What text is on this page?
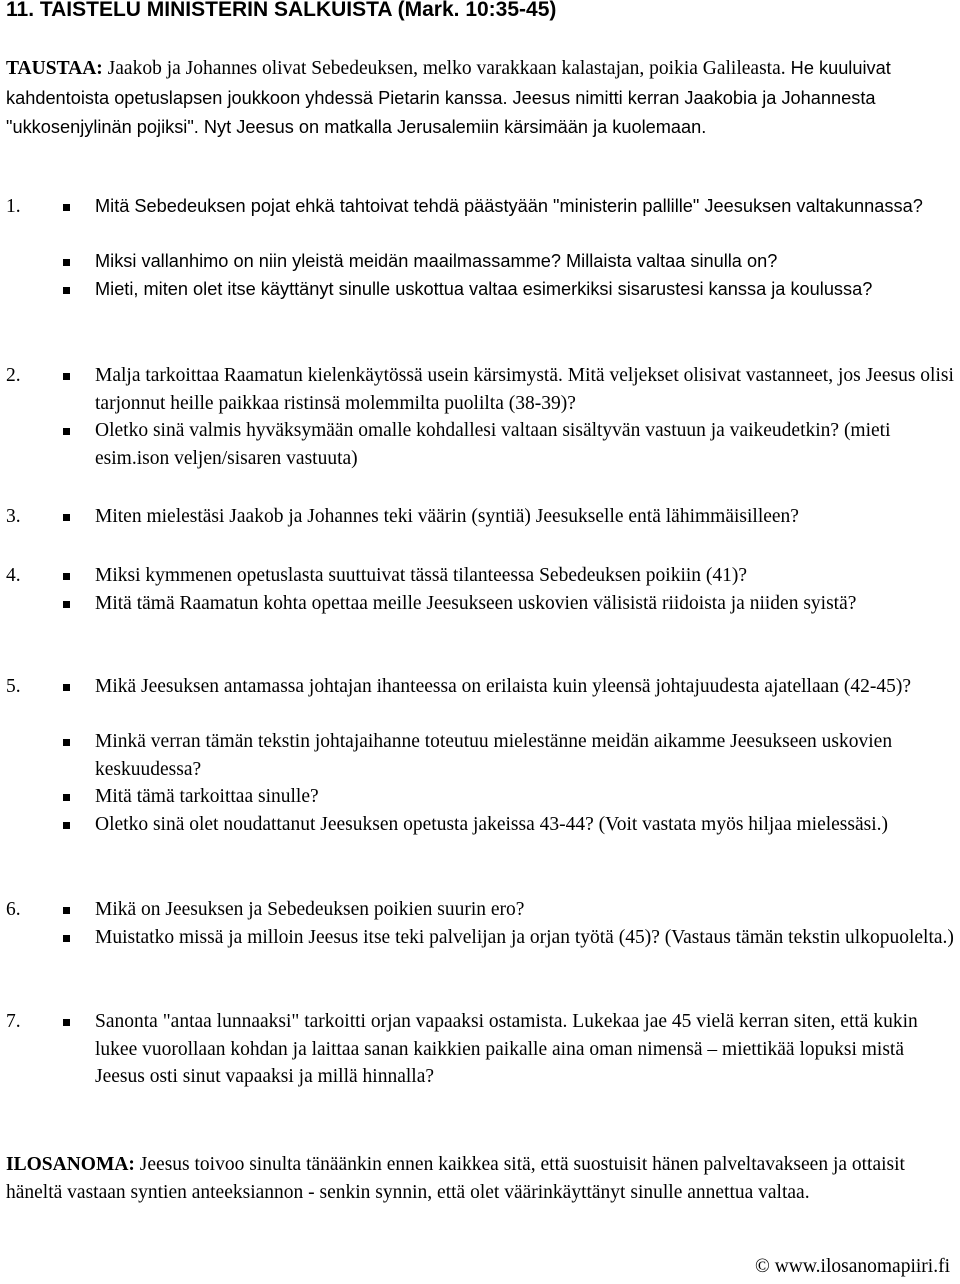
11. TAISTELU MINISTERIN SALKUISTA (Mark. 10:35-45)

TAUSTAA: Jaakob ja Johannes olivat Sebedeuksen, melko varakkaan kalastajan, poikia Galileasta. He kuuluivat kahdentoista opetuslapsen joukkoon yhdessä Pietarin kanssa. Jeesus nimitti kerran Jaakobia ja Johannesta "ukkosenjylinän pojiksi". Nyt Jeesus on matkalla Jerusalemiin kärsimään ja kuolemaan.

1.	Mitä Sebedeuksen pojat ehkä tahtoivat tehdä päästyään "ministerin pallille" Jeesuksen valtakunnassa?
Miksi vallanhimo on niin yleistä meidän maailmassamme? Millaista valtaa sinulla on?
Mieti, miten olet itse käyttänyt sinulle uskottua valtaa esimerkiksi sisarustesi kanssa ja koulussa?
2.	Malja tarkoittaa Raamatun kielenkäytössä usein kärsimystä. Mitä veljekset olisivat vastanneet, jos Jeesus olisi tarjonnut heille paikkaa ristinsä molemmilta puolilta (38-39)?
Oletko sinä valmis hyväksymään omalle kohdallesi valtaan sisältyvän vastuun ja vaikeudetkin? (mieti esim.ison veljen/sisaren vastuuta)
3.	Miten mielestäsi Jaakob ja Johannes teki väärin (syntiä) Jeesukselle entä lähimmäisilleen?
4.	Miksi kymmenen opetuslasta suuttuivat tässä tilanteessa Sebedeuksen poikiin (41)?
Mitä tämä Raamatun kohta opettaa meille Jeesukseen uskovien välisistä riidoista ja niiden syistä?
5.	Mikä Jeesuksen antamassa johtajan ihanteessa on erilaista kuin yleensä johtajuudesta ajatellaan (42-45)?
Minkä verran tämän tekstin johtajaihanne toteutuu mielestänne meidän aikamme Jeesukseen uskovien keskuudessa?
Mitä tämä tarkoittaa sinulle?
Oletko sinä olet noudattanut Jeesuksen opetusta jakeissa 43-44? (Voit vastata myös hiljaa mielessäsi.)
6.	Mikä on Jeesuksen ja Sebedeuksen poikien suurin ero?
Muistatko missä ja milloin Jeesus itse teki palvelijan ja orjan työtä (45)? (Vastaus tämän tekstin ulkopuolelta.)
7.	Sanonta "antaa lunnaaksi" tarkoitti orjan vapaaksi ostamista. Lukekaa jae 45 vielä kerran siten, että kukin lukee vuorollaan kohdan ja laittaa sanan kaikkien paikalle aina oman nimensä – miettikää lopuksi mistä Jeesus osti sinut vapaaksi ja millä hinnalla?

ILOSANOMA: Jeesus toivoo sinulta tänäänkin ennen kaikkea sitä, että suostuisit hänen palveltavakseen ja ottaisit häneltä vastaan syntien anteeksiannon - senkin synnin, että olet väärinkäyttänyt sinulle annettua valtaa.

© www.ilosanomapiiri.fi
